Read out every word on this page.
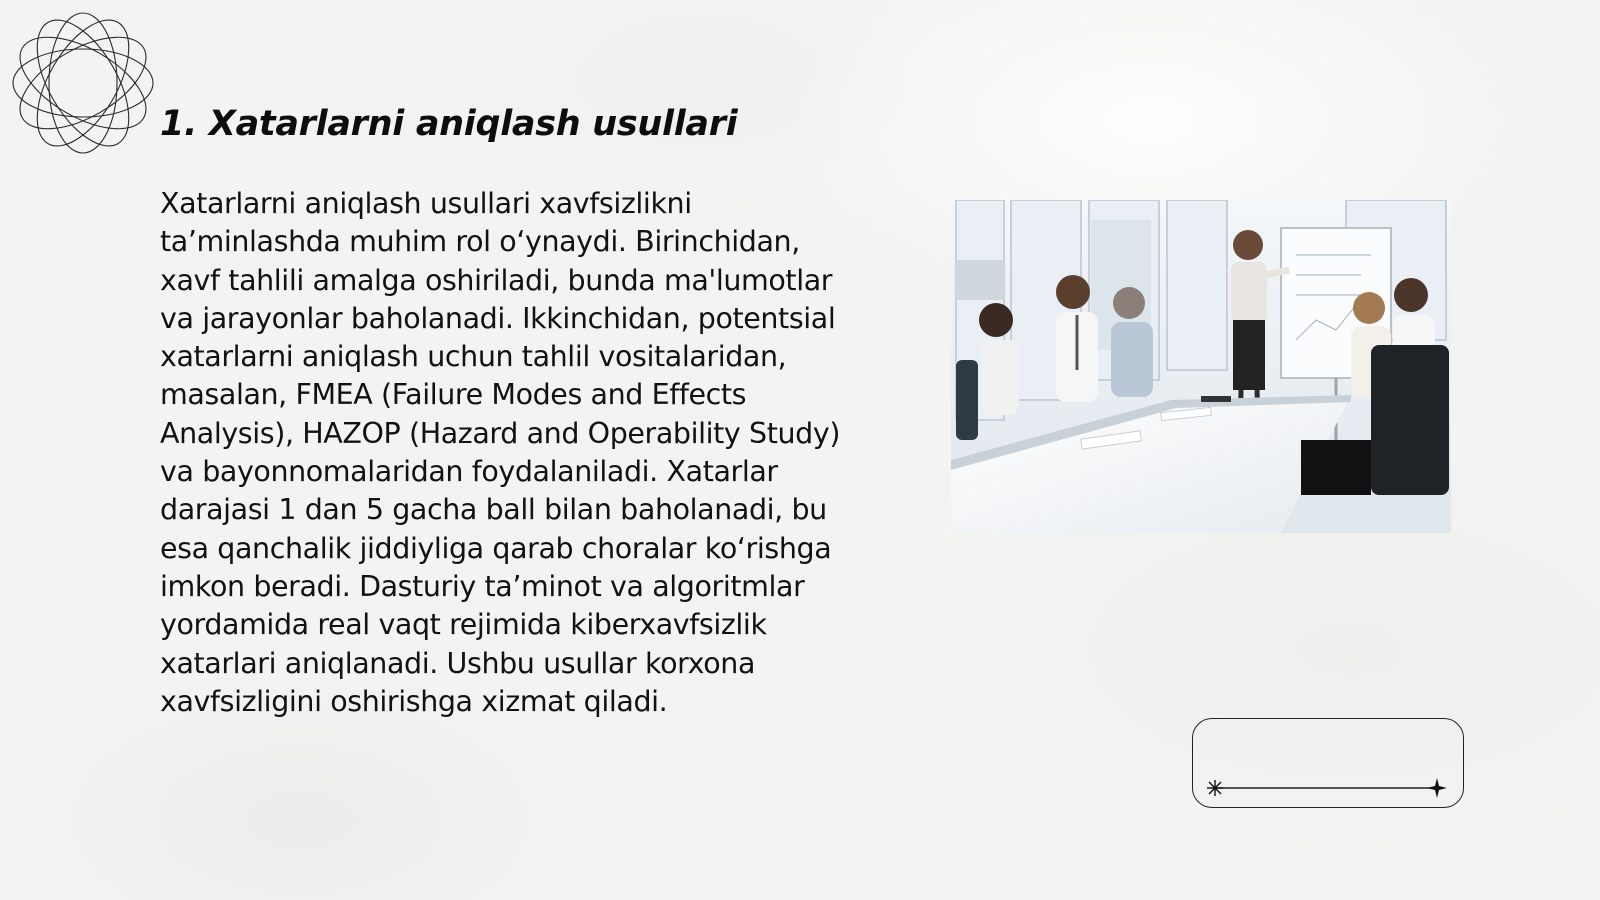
1. Xatarlarni aniqlash usullari

Xatarlarni aniqlash usullari xavfsizlikni ta’minlashda muhim rol o‘ynaydi. Birinchidan, xavf tahlili amalga oshiriladi, bunda ma'lumotlar va jarayonlar baholanadi. Ikkinchidan, potentsial xatarlarni aniqlash uchun tahlil vositalaridan, masalan, FMEA (Failure Modes and Effects Analysis), HAZOP (Hazard and Operability Study) va bayonnomalaridan foydalaniladi. Xatarlar darajasi 1 dan 5 gacha ball bilan baholanadi, bu esa qanchalik jiddiyliga qarab choralar ko‘rishga imkon beradi. Dasturiy ta’minot va algoritmlar yordamida real vaqt rejimida kiberxavfsizlik xatarlari aniqlanadi. Ushbu usullar korxona xavfsizligini oshirishga xizmat qiladi.
